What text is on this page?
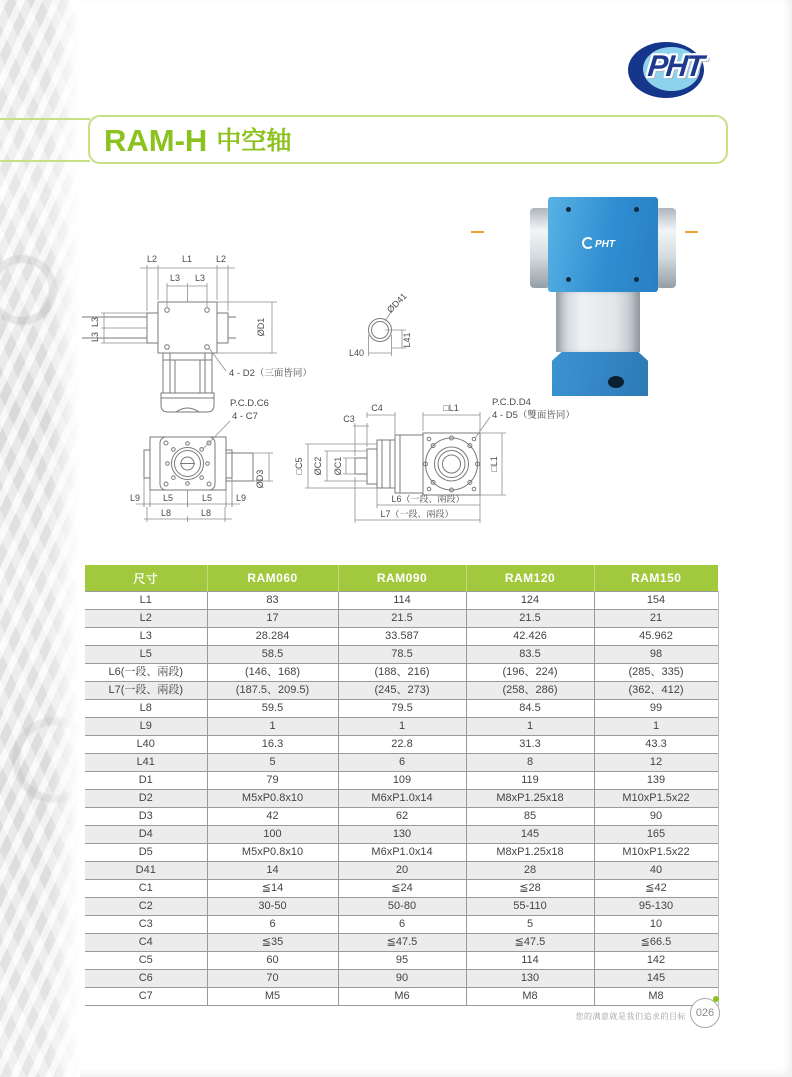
PHT
RAM-H 中空轴
L2	L1	L2
L3 L3
L3
L3
ØD1
4 - D2（三面皆同）
ØD41
L40
L41
P.C.D.C6
4 - C7
ØD3
L9	L5	L5	L9
L8	L8
C3
C4	□L1	P.C.D.D4
4 - D5（雙面皆同）
ØC1
ØC2
□C5	□L1
L6（一段、兩段）
L7（一段、兩段）
PHT
尺寸	RAM060	RAM090	RAM120	RAM150
L1	83	114	124	154
L2	17	21.5	21.5	21
L3	28.284	33.587	42.426	45.962
L5	58.5	78.5	83.5	98
L6(一段、兩段)	(146、168)	(188、216)	(196、224)	(285、335)
L7(一段、兩段)	(187.5、209.5)	(245、273)	(258、286)	(362、412)
L8	59.5	79.5	84.5	99
L9	1	1	1	1
L40	16.3	22.8	31.3	43.3
L41	5	6	8	12
D1	79	109	119	139
D2	M5xP0.8x10	M6xP1.0x14	M8xP1.25x18	M10xP1.5x22
D3	42	62	85	90
D4	100	130	145	165
D5	M5xP0.8x10	M6xP1.0x14	M8xP1.25x18	M10xP1.5x22
D41	14	20	28	40
C1	≦14	≦24	≦28	≦42
C2	30-50	50-80	55-110	95-130
C3	6	6	5	10
C4	≦35	≦47.5	≦47.5	≦66.5
C5	60	95	114	142
C6	70	90	130	145
C7	M5	M6	M8	M8
您的满意就是我们追求的目标 026
